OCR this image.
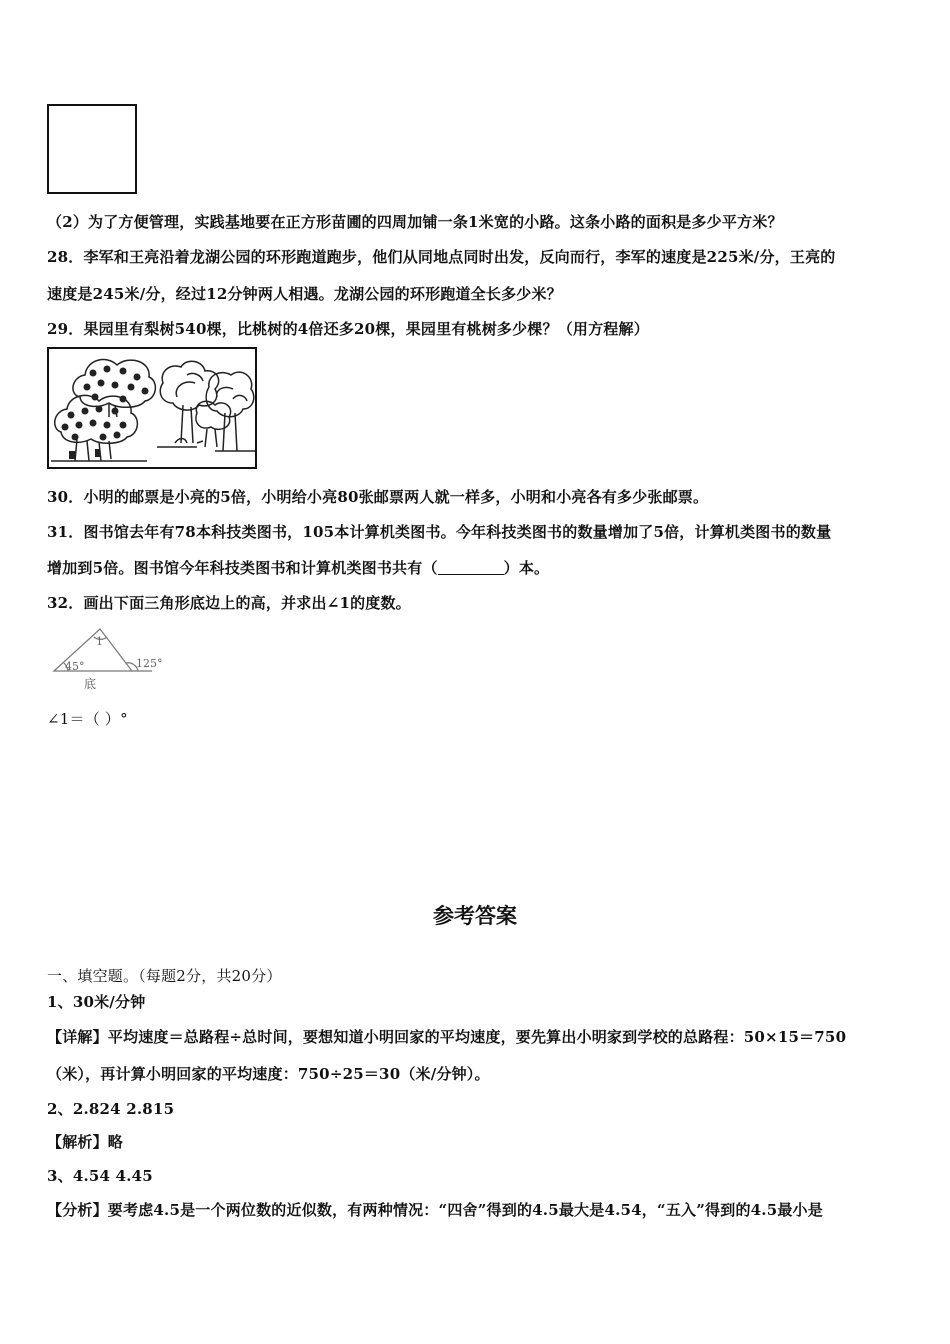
（2）为了方便管理，实践基地要在正方形苗圃的四周加铺一条1米宽的小路。这条小路的面积是多少平方米？
28．李军和王亮沿着龙湖公园的环形跑道跑步，他们从同地点同时出发，反向而行，李军的速度是225米/分，王亮的
速度是245米/分，经过12分钟两人相遇。龙湖公园的环形跑道全长多少米？
29．果园里有梨树540棵，比桃树的4倍还多20棵，果园里有桃树多少棵？（用方程解）
30．小明的邮票是小亮的5倍，小明给小亮80张邮票两人就一样多，小明和小亮各有多少张邮票。
31．图书馆去年有78本科技类图书，105本计算机类图书。今年科技类图书的数量增加了5倍，计算机类图书的数量
增加到5倍。图书馆今年科技类图书和计算机类图书共有（	）本。
32．画出下面三角形底边上的高，并求出∠1的度数。
1
45°	125°
底
∠1＝（ ）°
参考答案
一、填空题。（每题2分，共20分）
1、30米/分钟
【详解】平均速度＝总路程÷总时间，要想知道小明回家的平均速度，要先算出小明家到学校的总路程：50×15＝750
（米），再计算小明回家的平均速度：750÷25＝30（米/分钟）。
2、2.824 2.815
【解析】略
3、4.54 4.45
【分析】要考虑4.5是一个两位数的近似数，有两种情况：“四舍”得到的4.5最大是4.54，“五入”得到的4.5最小是
